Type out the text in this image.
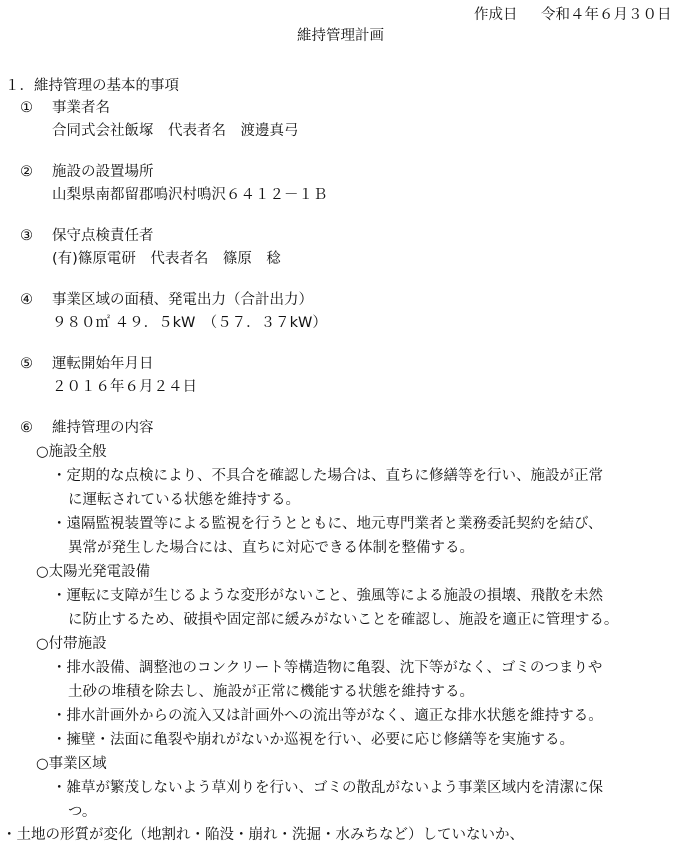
作成日 令和４年６月３０日
維持管理計画
１．維持管理の基本的事項
① 事業者名
合同式会社飯塚　代表者名　渡邊真弓
② 施設の設置場所
山梨県南都留郡鳴沢村鳴沢６４１２－１Ｂ
③ 保守点検責任者
(有)篠原電研　代表者名　篠原　稔
④ 事業区域の面積、発電出力（合計出力）
９８０㎡ ４９．５kW　（５７．３７kW）
⑤ 運転開始年月日
２０１６年６月２４日
⑥ 維持管理の内容
○施設全般
・定期的な点検により、不具合を確認した場合は、直ちに修繕等を行い、施設が正常
に運転されている状態を維持する。
・遠隔監視装置等による監視を行うとともに、地元専門業者と業務委託契約を結び、
異常が発生した場合には、直ちに対応できる体制を整備する。
○太陽光発電設備
・運転に支障が生じるような変形がないこと、強風等による施設の損壊、飛散を未然
に防止するため、破損や固定部に緩みがないことを確認し、施設を適正に管理する。
○付帯施設
・排水設備、調整池のコンクリート等構造物に亀裂、沈下等がなく、ゴミのつまりや
土砂の堆積を除去し、施設が正常に機能する状態を維持する。
・排水計画外からの流入又は計画外への流出等がなく、適正な排水状態を維持する。
・擁壁・法面に亀裂や崩れがないか巡視を行い、必要に応じ修繕等を実施する。
○事業区域
・雑草が繁茂しないよう草刈りを行い、ゴミの散乱がないよう事業区域内を清潔に保
つ。
・土地の形質が変化（地割れ・陥没・崩れ・洗掘・水みちなど）していないか、
